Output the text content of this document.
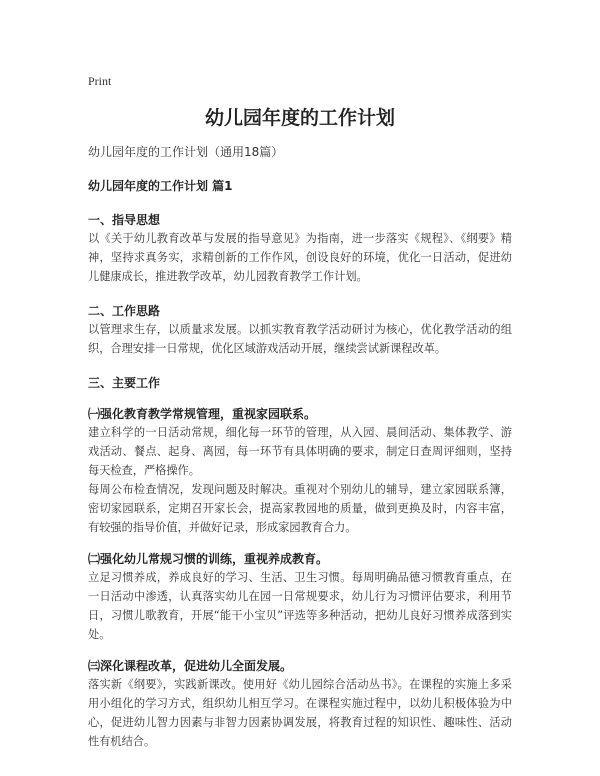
Print
幼儿园年度的工作计划
幼儿园年度的工作计划（通用18篇）
幼儿园年度的工作计划 篇1
一、指导思想

以《关于幼儿教育改革与发展的指导意见》为指南，进一步落实《规程》、《纲要》精神，坚持求真务实，求精创新的工作作风，创设良好的环境，优化一日活动，促进幼儿健康成长，推进教学改革，幼儿园教育教学工作计划。

二、工作思路

以管理求生存，以质量求发展。以抓实教育教学活动研讨为核心，优化教学活动的组织，合理安排一日常规，优化区域游戏活动开展，继续尝试新课程改革。

三、主要工作
㈠强化教育教学常规管理，重视家园联系。

建立科学的一日活动常规，细化每一环节的管理，从入园、晨间活动、集体教学、游戏活动、餐点、起身、离园，每一环节有具体明确的要求，制定日查周评细则，坚持每天检查，严格操作。

每周公布检查情况，发现问题及时解决。重视对个别幼儿的辅导，建立家园联系簿，密切家园联系，定期召开家长会，提高家教园地的质量，做到更换及时，内容丰富，有较强的指导价值，并做好记录，形成家园教育合力。

㈡强化幼儿常规习惯的训练，重视养成教育。

立足习惯养成，养成良好的学习、生活、卫生习惯。每周明确品德习惯教育重点，在一日活动中渗透，认真落实幼儿在园一日常规要求，幼儿行为习惯评估要求，利用节日，习惯儿歌教育，开展“能干小宝贝”评选等多种活动，把幼儿良好习惯养成落到实处。

㈢深化课程改革，促进幼儿全面发展。

落实新《纲要》，实践新课改。使用好《幼儿园综合活动丛书》。在课程的实施上多采用小组化的学习方式，组织幼儿相互学习。在课程实施过程中，以幼儿积极体验为中心，促进幼儿智力因素与非智力因素协调发展，将教育过程的知识性、趣味性、活动性有机结合。
